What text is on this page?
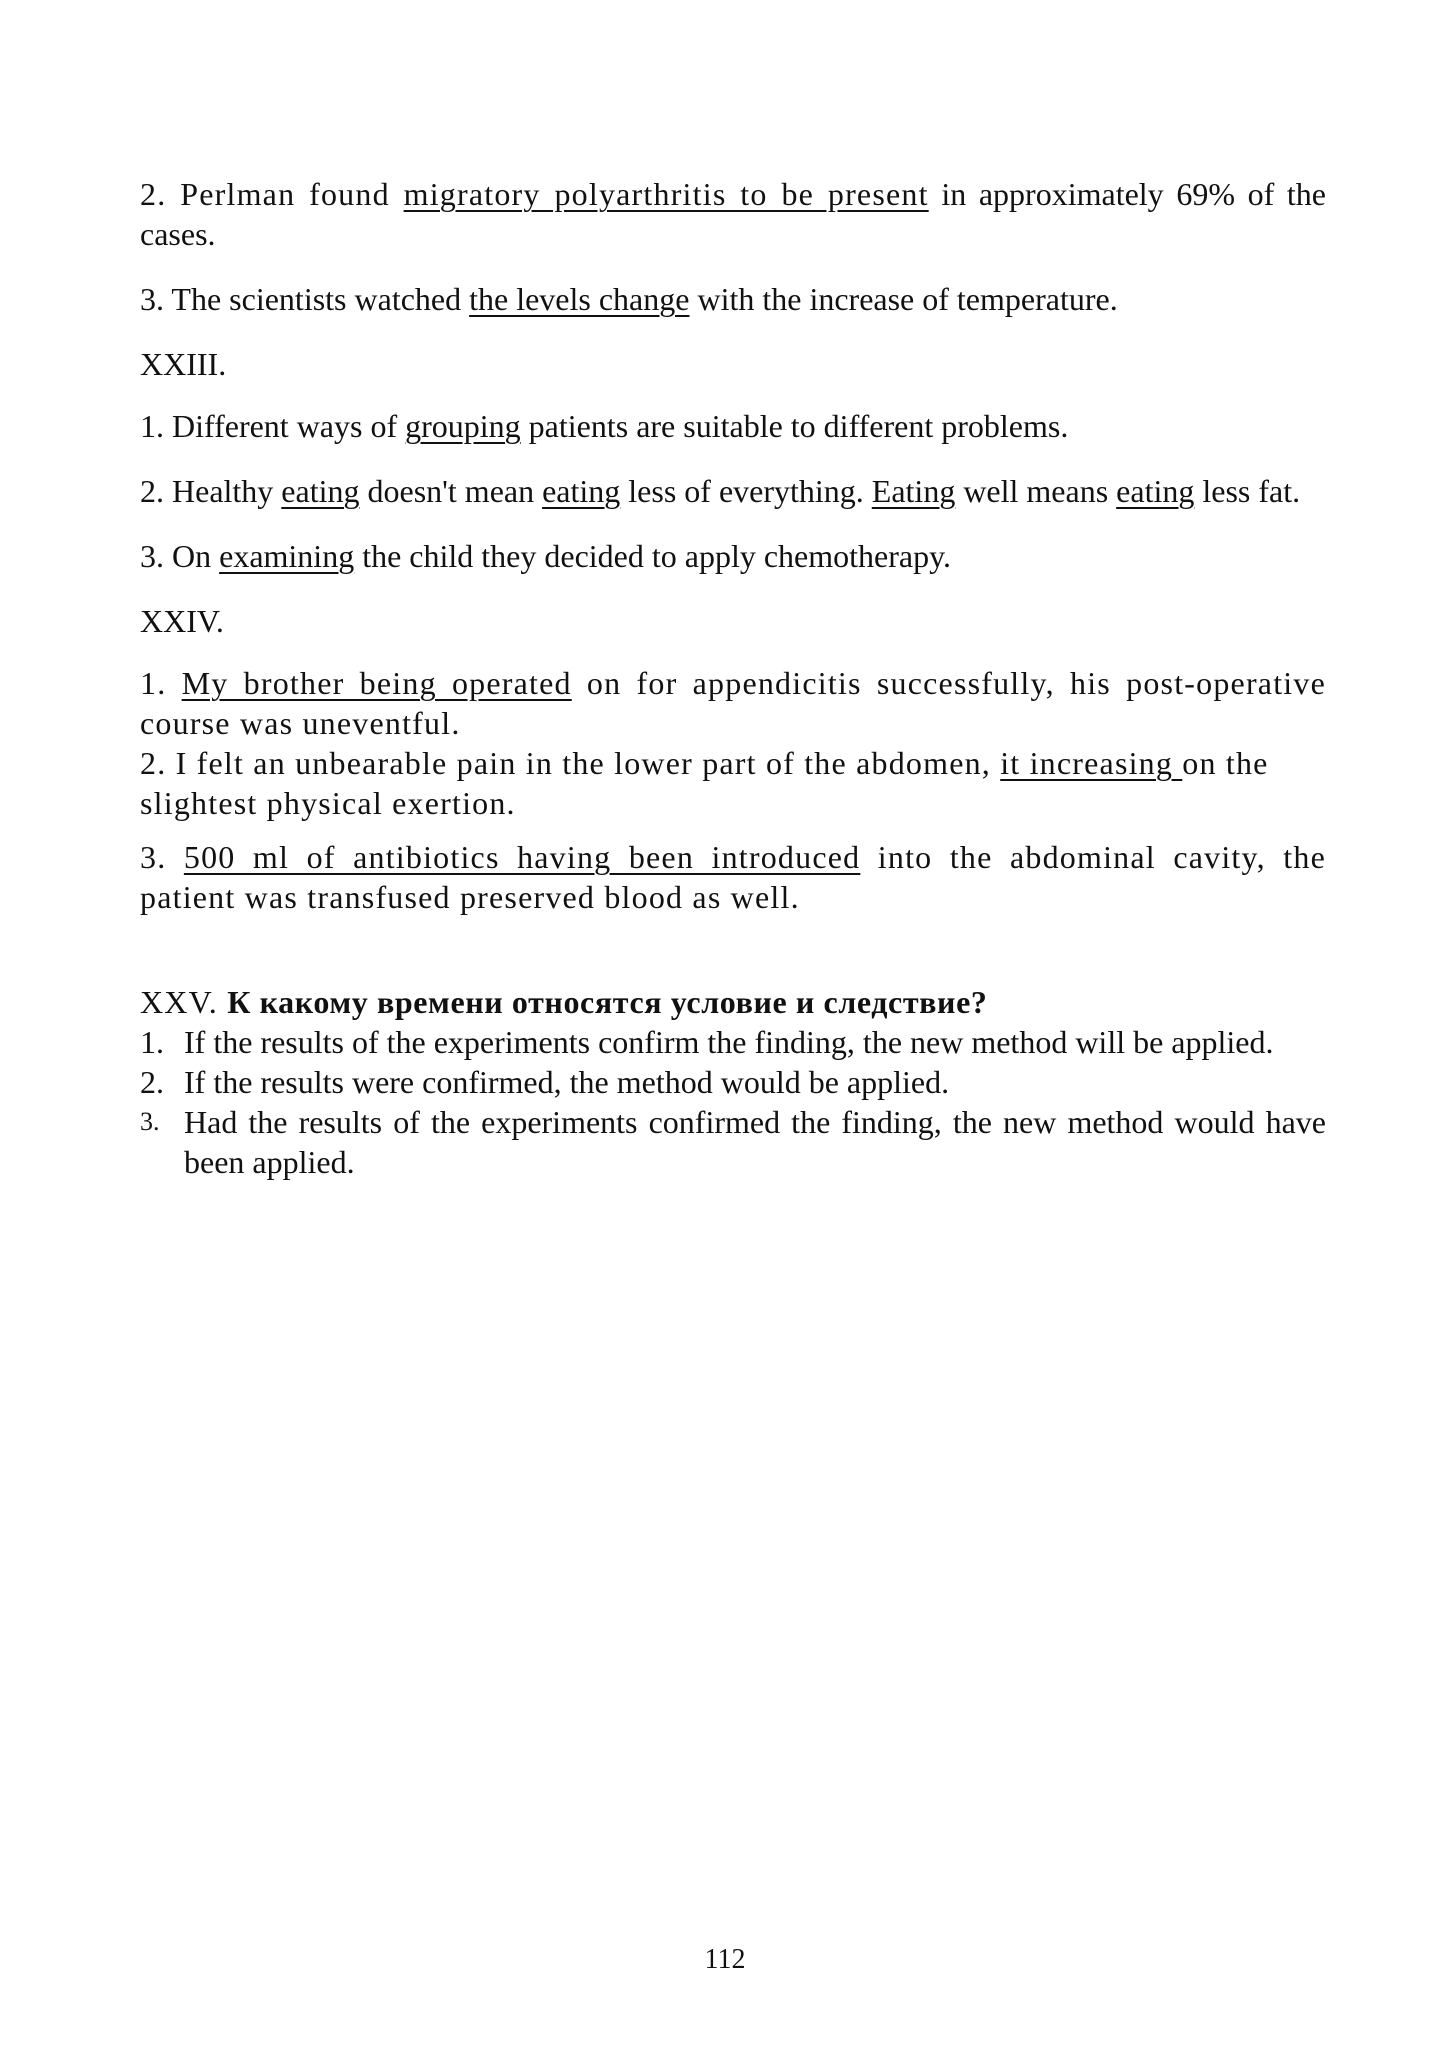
2. Perlman found migratory polyarthritis to be present in approximately 69% of the cases.

3. The scientists watched the levels change with the increase of temperature.

XXIII.

1. Different ways of grouping patients are suitable to different problems.

2. Healthy eating doesn't mean eating less of everything. Eating well means eating less fat.

3. On examining the child they decided to apply chemotherapy.

XXIV.

1. My brother being operated on for appendicitis successfully, his post-operative course was uneventful.

2. I felt an unbearable pain in the lower part of the abdomen, it increasing on the slightest physical exertion.

3. 500 ml of antibiotics having been introduced into the abdominal cavity, the patient was transfused preserved blood as well.

XXV. К какому времени относятся условие и следствие?

1. If the results of the experiments confirm the finding, the new method will be applied.
2. If the results were confirmed, the method would be applied.
3. Had the results of the experiments confirmed the finding, the new method would have been applied.
112
